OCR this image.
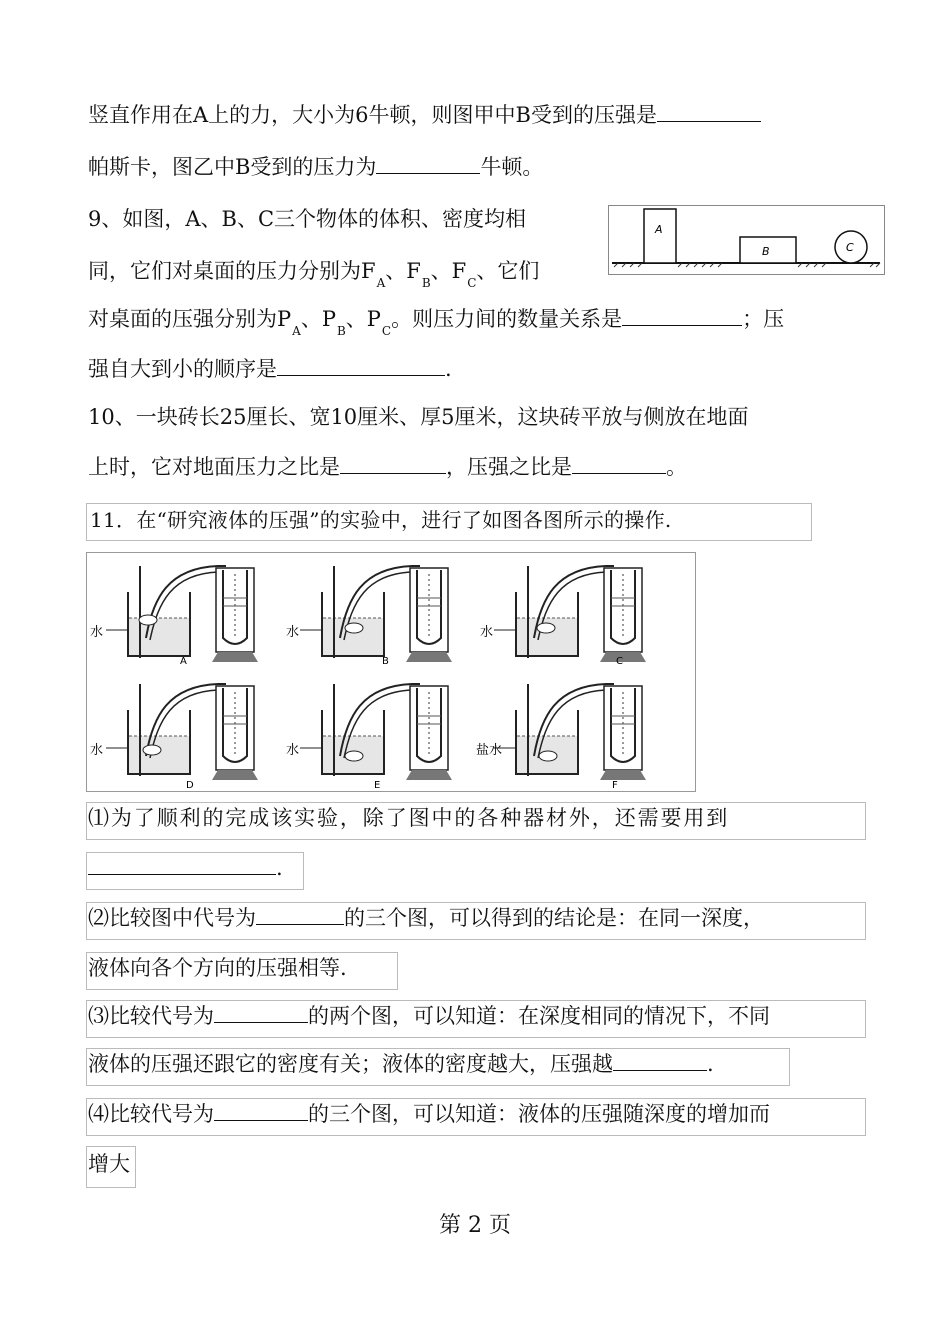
竖直作用在A上的力，大小为6牛顿，则图甲中B受到的压强是
帕斯卡，图乙中B受到的压力为	牛顿。
9、如图，A、B、C三个物体的体积、密度均相
同，它们对桌面的压力分别为$F_A$、$F_B$、$F_C$、它们
对桌面的压强分别为$P_A$、$P_B$、$P_C$。则压力间的数量关系是	；压
强自大到小的顺序是	.
A
B	C
10、一块砖长25厘长、宽10厘米、厚5厘米，这块砖平放与侧放在地面
上时，它对地面压力之比是	，压强之比是	。
11．在“研究液体的压强”的实验中，进行了如图各图所示的操作.
水	水	水
水	水	盐水
A	B	C
D	E	F
⑴为了顺利的完成该实验，除了图中的各种器材外，还需要用到
.
⑵比较图中代号为	的三个图，可以得到的结论是：在同一深度，
液体向各个方向的压强相等.
⑶比较代号为	的两个图，可以知道：在深度相同的情况下，不同
液体的压强还跟它的密度有关；液体的密度越大，压强越	.
⑷比较代号为	的三个图，可以知道：液体的压强随深度的增加而
增大
第 2 页
